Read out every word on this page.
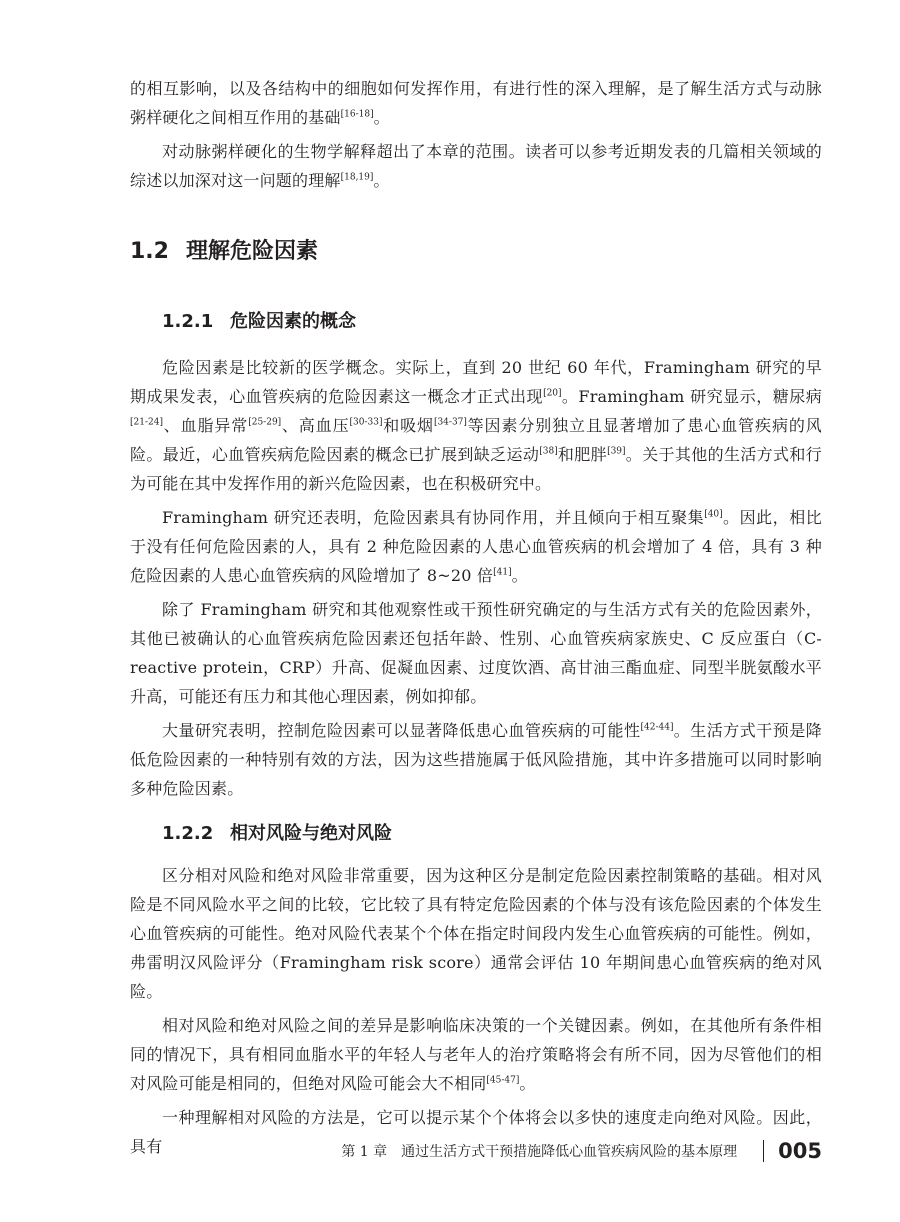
的相互影响，以及各结构中的细胞如何发挥作用，有进行性的深入理解，是了解生活方式与动脉粥样硬化之间相互作用的基础[16-18]。

对动脉粥样硬化的生物学解释超出了本章的范围。读者可以参考近期发表的几篇相关领域的综述以加深对这一问题的理解[18,19]。

1.2 理解危险因素
1.2.1 危险因素的概念

危险因素是比较新的医学概念。实际上，直到 20 世纪 60 年代，Framingham 研究的早期成果发表，心血管疾病的危险因素这一概念才正式出现[20]。Framingham 研究显示，糖尿病[21-24]、血脂异常[25-29]、高血压[30-33]和吸烟[34-37]等因素分别独立且显著增加了患心血管疾病的风险。最近，心血管疾病危险因素的概念已扩展到缺乏运动[38]和肥胖[39]。关于其他的生活方式和行为可能在其中发挥作用的新兴危险因素，也在积极研究中。

Framingham 研究还表明，危险因素具有协同作用，并且倾向于相互聚集[40]。因此，相比于没有任何危险因素的人，具有 2 种危险因素的人患心血管疾病的机会增加了 4 倍，具有 3 种危险因素的人患心血管疾病的风险增加了 8~20 倍[41]。

除了 Framingham 研究和其他观察性或干预性研究确定的与生活方式有关的危险因素外，其他已被确认的心血管疾病危险因素还包括年龄、性别、心血管疾病家族史、C 反应蛋白（C-reactive protein，CRP）升高、促凝血因素、过度饮酒、高甘油三酯血症、同型半胱氨酸水平升高，可能还有压力和其他心理因素，例如抑郁。

大量研究表明，控制危险因素可以显著降低患心血管疾病的可能性[42-44]。生活方式干预是降低危险因素的一种特别有效的方法，因为这些措施属于低风险措施，其中许多措施可以同时影响多种危险因素。

1.2.2 相对风险与绝对风险

区分相对风险和绝对风险非常重要，因为这种区分是制定危险因素控制策略的基础。相对风险是不同风险水平之间的比较，它比较了具有特定危险因素的个体与没有该危险因素的个体发生心血管疾病的可能性。绝对风险代表某个个体在指定时间段内发生心血管疾病的可能性。例如，弗雷明汉风险评分（Framingham risk score）通常会评估 10 年期间患心血管疾病的绝对风险。

相对风险和绝对风险之间的差异是影响临床决策的一个关键因素。例如，在其他所有条件相同的情况下，具有相同血脂水平的年轻人与老年人的治疗策略将会有所不同，因为尽管他们的相对风险可能是相同的，但绝对风险可能会大不相同[45-47]。

一种理解相对风险的方法是，它可以提示某个个体将会以多快的速度走向绝对风险。因此，具有	第 1 章　通过生活方式干预措施降低心血管疾病风险的基本原理 005
